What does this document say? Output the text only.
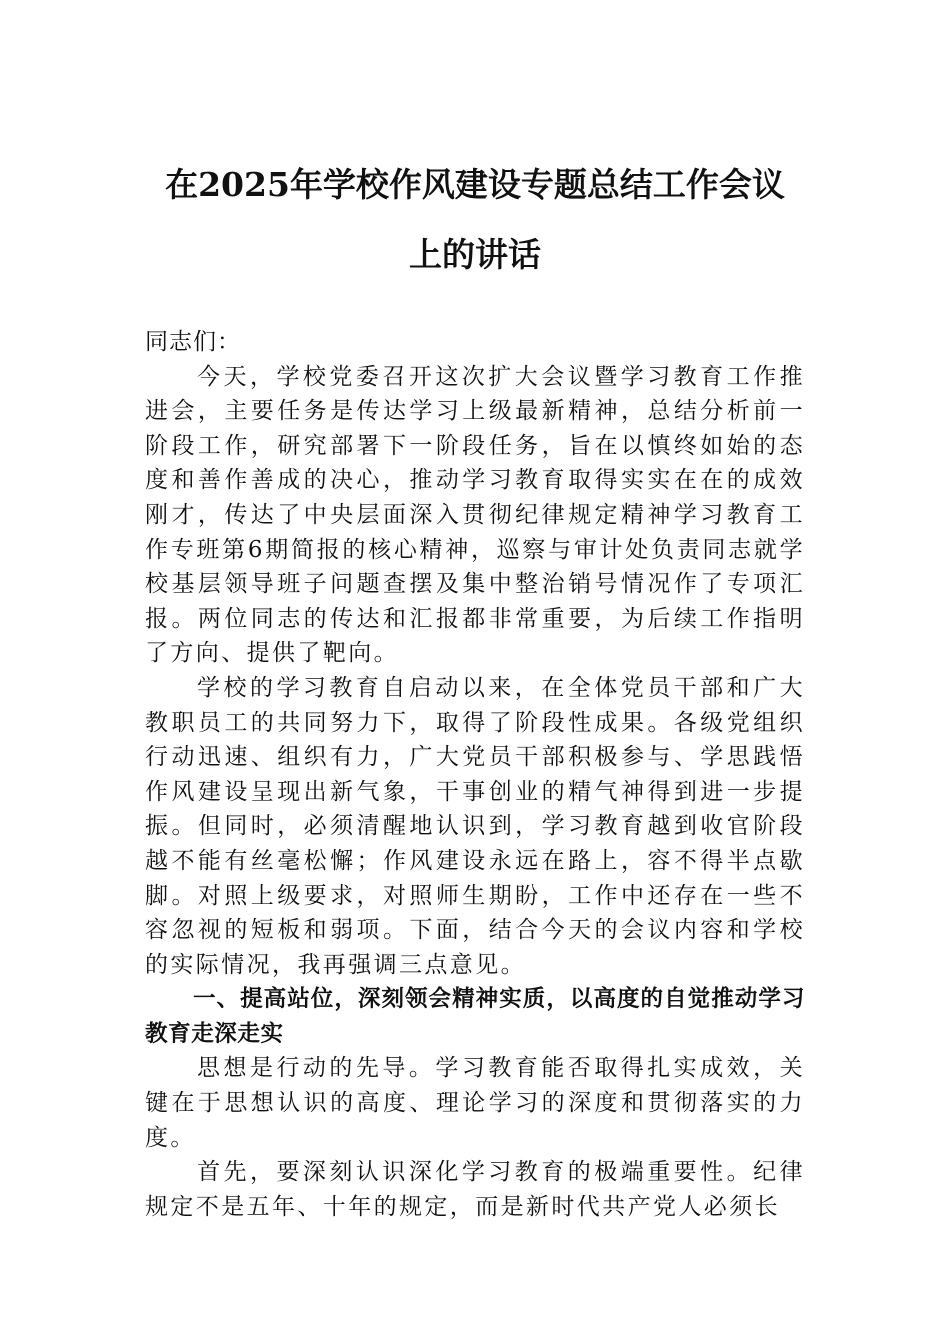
在2025年学校作风建设专题总结工作会议
上的讲话

同志们：

今天，学校党委召开这次扩大会议暨学习教育工作推进会，主要任务是传达学习上级最新精神，总结分析前一阶段工作，研究部署下一阶段任务，旨在以慎终如始的态度和善作善成的决心，推动学习教育取得实实在在的成效刚才，传达了中央层面深入贯彻纪律规定精神学习教育工作专班第6期简报的核心精神，巡察与审计处负责同志就学校基层领导班子问题查摆及集中整治销号情况作了专项汇报。两位同志的传达和汇报都非常重要，为后续工作指明了方向、提供了靶向。

学校的学习教育自启动以来，在全体党员干部和广大教职员工的共同努力下，取得了阶段性成果。各级党组织行动迅速、组织有力，广大党员干部积极参与、学思践悟作风建设呈现出新气象，干事创业的精气神得到进一步提振。但同时，必须清醒地认识到，学习教育越到收官阶段越不能有丝毫松懈；作风建设永远在路上，容不得半点歇脚。对照上级要求，对照师生期盼，工作中还存在一些不容忽视的短板和弱项。下面，结合今天的会议内容和学校的实际情况，我再强调三点意见。

一、提高站位，深刻领会精神实质，以高度的自觉推动学习教育走深走实

思想是行动的先导。学习教育能否取得扎实成效，关键在于思想认识的高度、理论学习的深度和贯彻落实的力度。

首先，要深刻认识深化学习教育的极端重要性。纪律规定不是五年、十年的规定，而是新时代共产党人必须长
